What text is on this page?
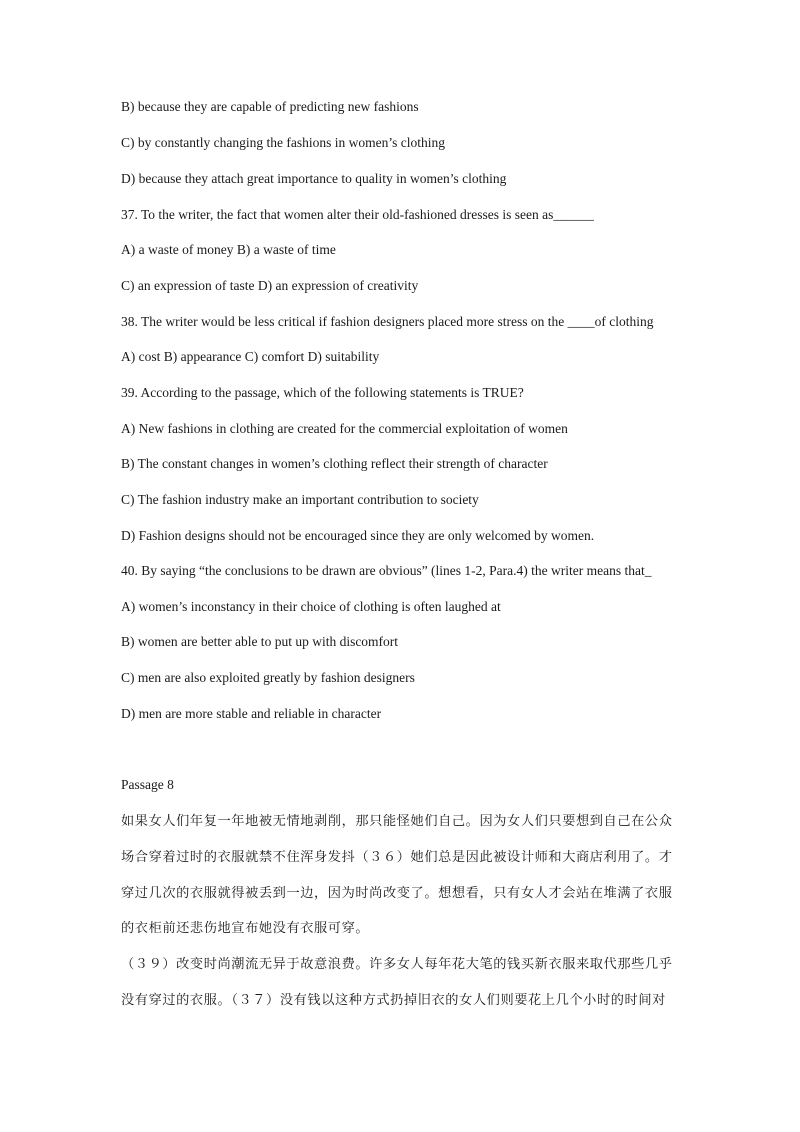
B) because they are capable of predicting new fashions
C) by constantly changing the fashions in women’s clothing
D) because they attach great importance to quality in women’s clothing
37. To the writer, the fact that women alter their old-fashioned dresses is seen as______
A) a waste of money B) a waste of time
C) an expression of taste D) an expression of creativity
38. The writer would be less critical if fashion designers placed more stress on the ____of clothing
A) cost B) appearance C) comfort D) suitability
39. According to the passage, which of the following statements is TRUE?
A) New fashions in clothing are created for the commercial exploitation of women
B) The constant changes in women’s clothing reflect their strength of character
C) The fashion industry make an important contribution to society
D) Fashion designs should not be encouraged since they are only welcomed by women.
40. By saying “the conclusions to be drawn are obvious” (lines 1-2, Para.4) the writer means that_
A) women’s inconstancy in their choice of clothing is often laughed at
B) women are better able to put up with discomfort
C) men are also exploited greatly by fashion designers
D) men are more stable and reliable in character
Passage 8
如果女人们年复一年地被无情地剥削，那只能怪她们自己。因为女人们只要想到自己在公众
场合穿着过时的衣服就禁不住浑身发抖（３６）她们总是因此被设计师和大商店利用了。才
穿过几次的衣服就得被丢到一边，因为时尚改变了。想想看，只有女人才会站在堆满了衣服
的衣柜前还悲伤地宣布她没有衣服可穿。
（３９）改变时尚潮流无异于故意浪费。许多女人每年花大笔的钱买新衣服来取代那些几乎
没有穿过的衣服。（３７）没有钱以这种方式扔掉旧衣的女人们则要花上几个小时的时间对
